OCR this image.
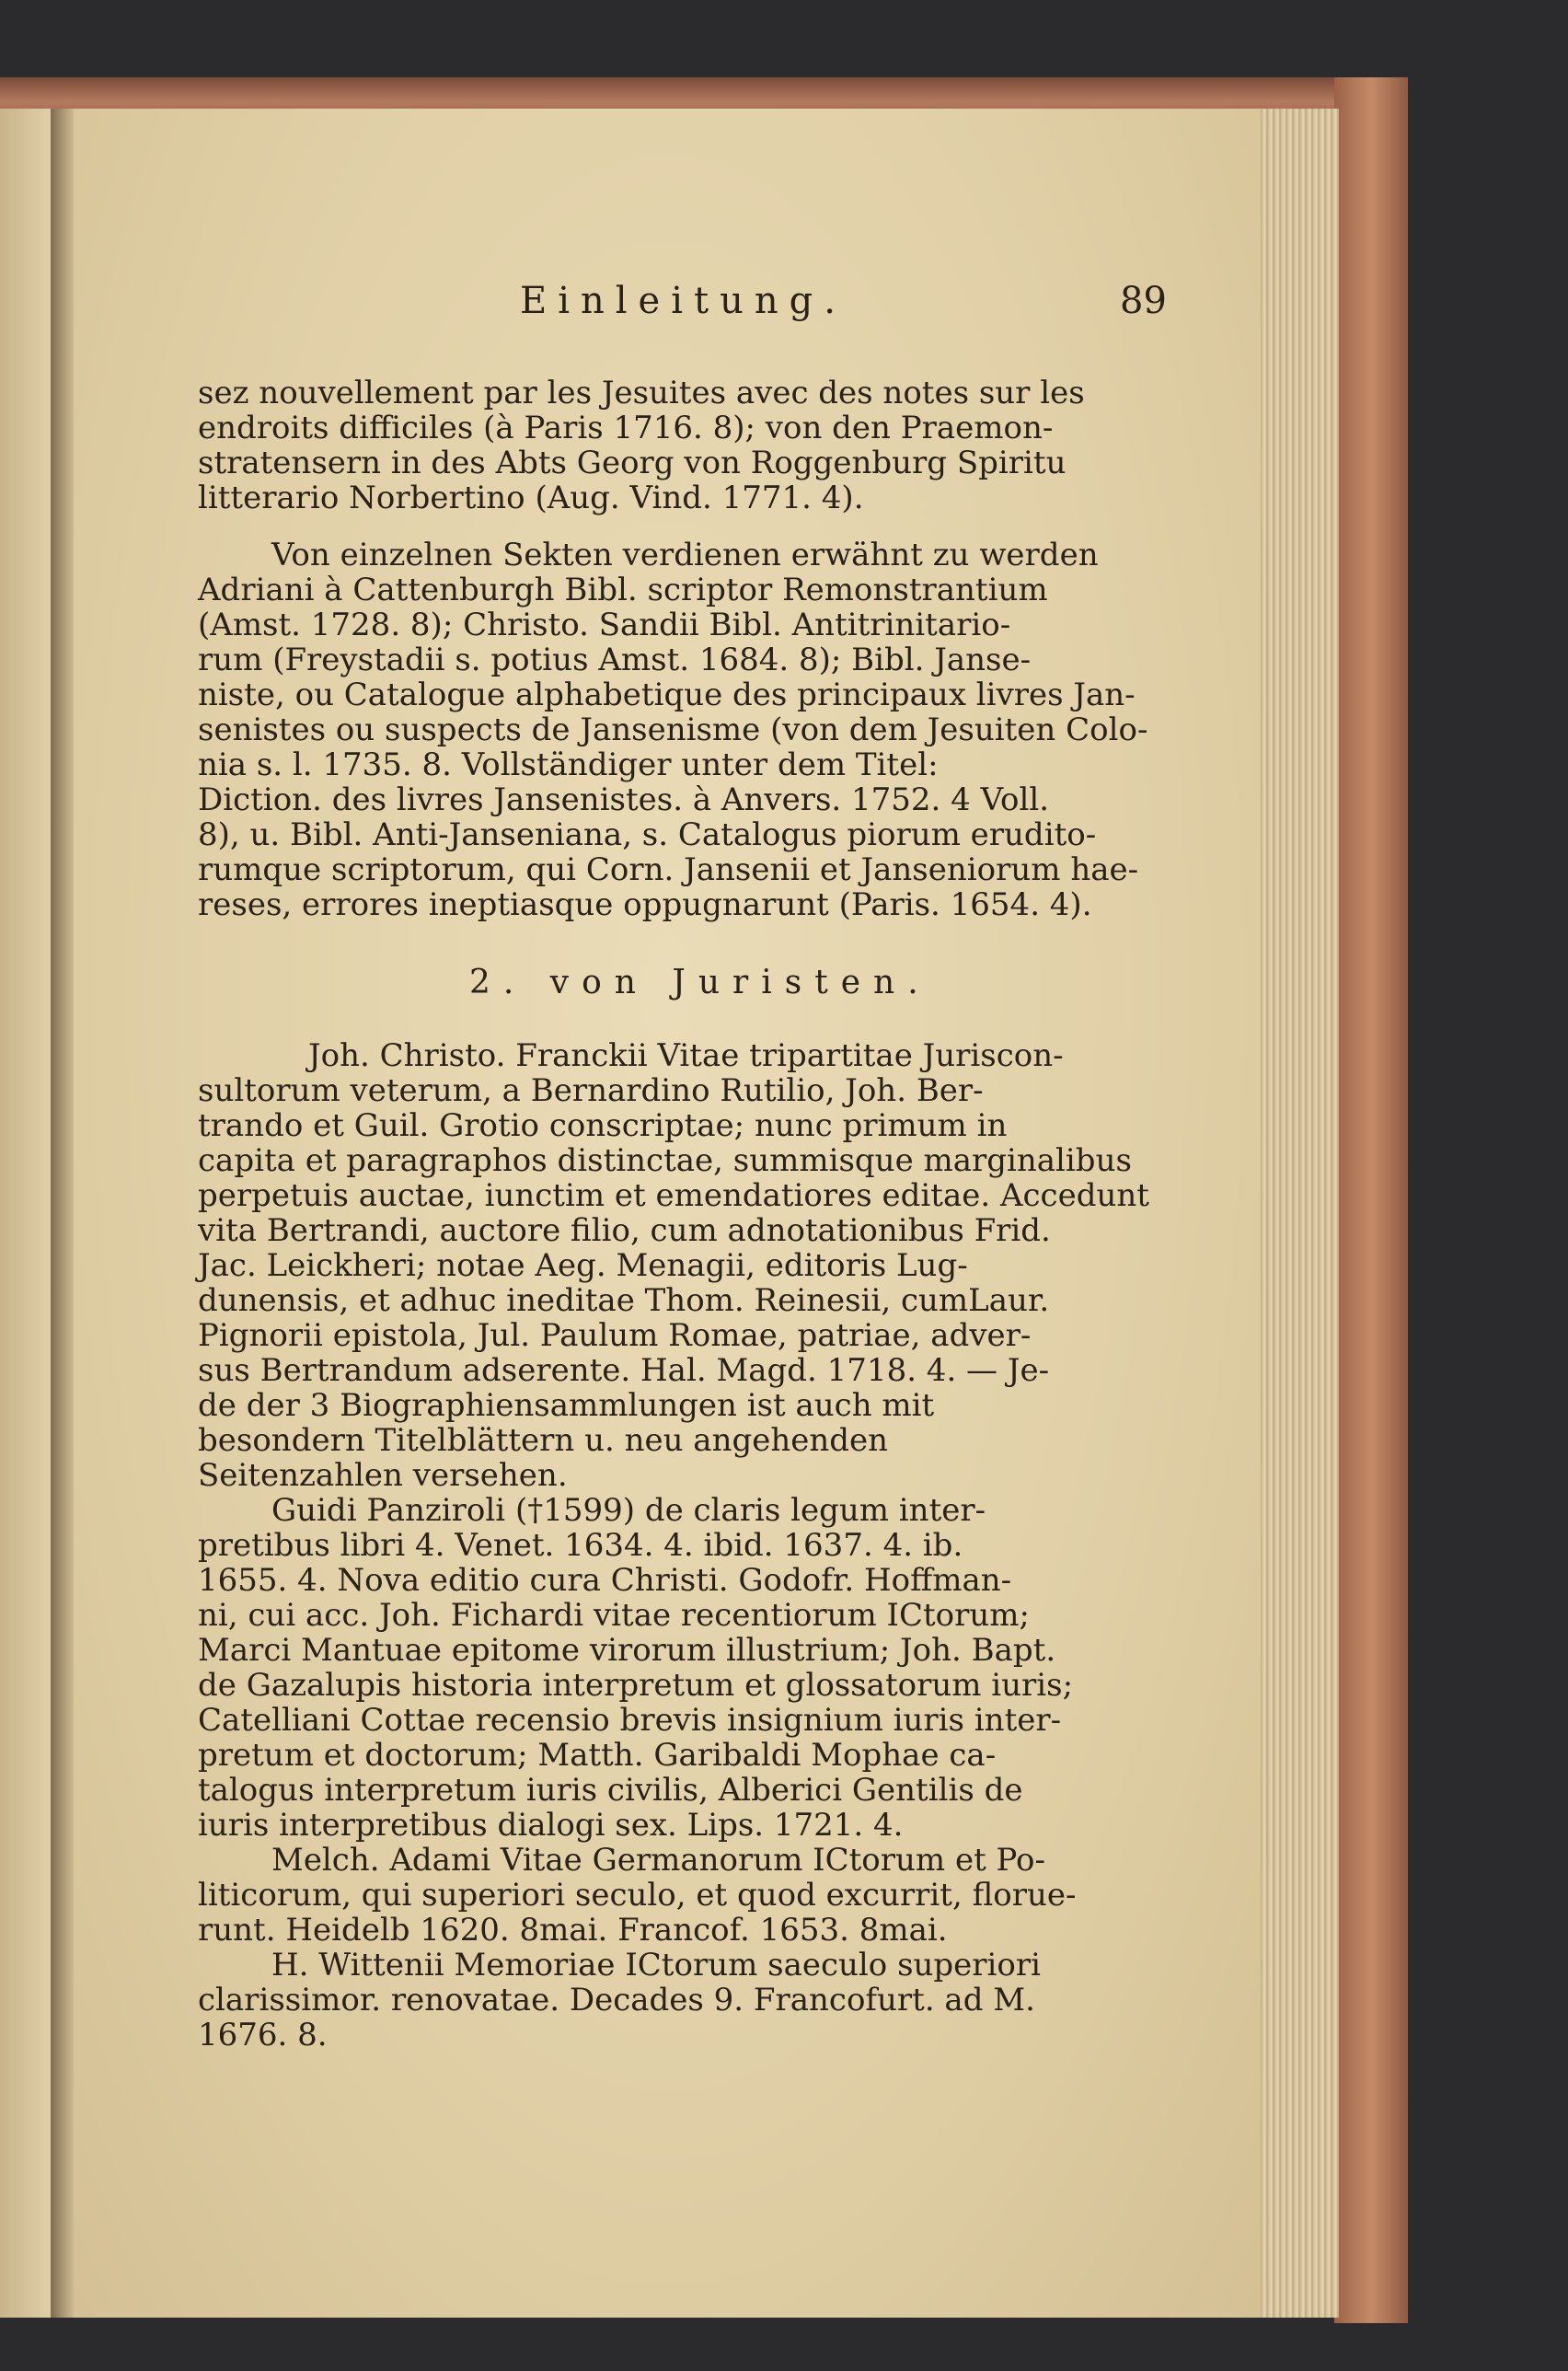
Einleitung.	89
sez nouvellement par les Jesuites avec des notes sur les
endroits difficiles (à Paris 1716. 8); von den Praemon-
stratensern in des Abts Georg von Roggenburg Spiritu
litterario Norbertino (Aug. Vind. 1771. 4).
Von einzelnen Sekten verdienen erwähnt zu werden
Adriani à Cattenburgh Bibl. scriptor Remonstrantium
(Amst. 1728. 8); Christo. Sandii Bibl. Antitrinitario-
rum (Freystadii s. potius Amst. 1684. 8); Bibl. Janse-
niste, ou Catalogue alphabetique des principaux livres Jan-
senistes ou suspects de Jansenisme (von dem Jesuiten Colo-
nia s. l. 1735. 8. Vollständiger unter dem Titel:
Diction. des livres Jansenistes. à Anvers. 1752. 4 Voll.
8), u. Bibl. Anti-Janseniana, s. Catalogus piorum erudito-
rumque scriptorum, qui Corn. Jansenii et Janseniorum hae-
reses, errores ineptiasque oppugnarunt (Paris. 1654. 4).
2. von Juristen.
Joh. Christo. Franckii Vitae tripartitae Juriscon-
sultorum veterum, a Bernardino Rutilio, Joh. Ber-
trando et Guil. Grotio conscriptae; nunc primum in
capita et paragraphos distinctae, summisque marginalibus
perpetuis auctae, iunctim et emendatiores editae. Accedunt
vita Bertrandi, auctore filio, cum adnotationibus Frid.
Jac. Leickheri; notae Aeg. Menagii, editoris Lug-
dunensis, et adhuc ineditae Thom. Reinesii, cumLaur.
Pignorii epistola, Jul. Paulum Romae, patriae, adver-
sus Bertrandum adserente. Hal. Magd. 1718. 4. — Je-
de der 3 Biographiensammlungen ist auch mit
besondern Titelblättern u. neu angehenden
Seitenzahlen versehen.
Guidi Panziroli (†1599) de claris legum inter-
pretibus libri 4. Venet. 1634. 4. ibid. 1637. 4. ib.
1655. 4. Nova editio cura Christi. Godofr. Hoffman-
ni, cui acc. Joh. Fichardi vitae recentiorum ICtorum;
Marci Mantuae epitome virorum illustrium; Joh. Bapt.
de Gazalupis historia interpretum et glossatorum iuris;
Catelliani Cottae recensio brevis insignium iuris inter-
pretum et doctorum; Matth. Garibaldi Mophae ca-
talogus interpretum iuris civilis, Alberici Gentilis de
iuris interpretibus dialogi sex. Lips. 1721. 4.
Melch. Adami Vitae Germanorum ICtorum et Po-
liticorum, qui superiori seculo, et quod excurrit, florue-
runt. Heidelb 1620. 8mai. Francof. 1653. 8mai.
H. Wittenii Memoriae ICtorum saeculo superiori
clarissimor. renovatae. Decades 9. Francofurt. ad M.
1676. 8.
